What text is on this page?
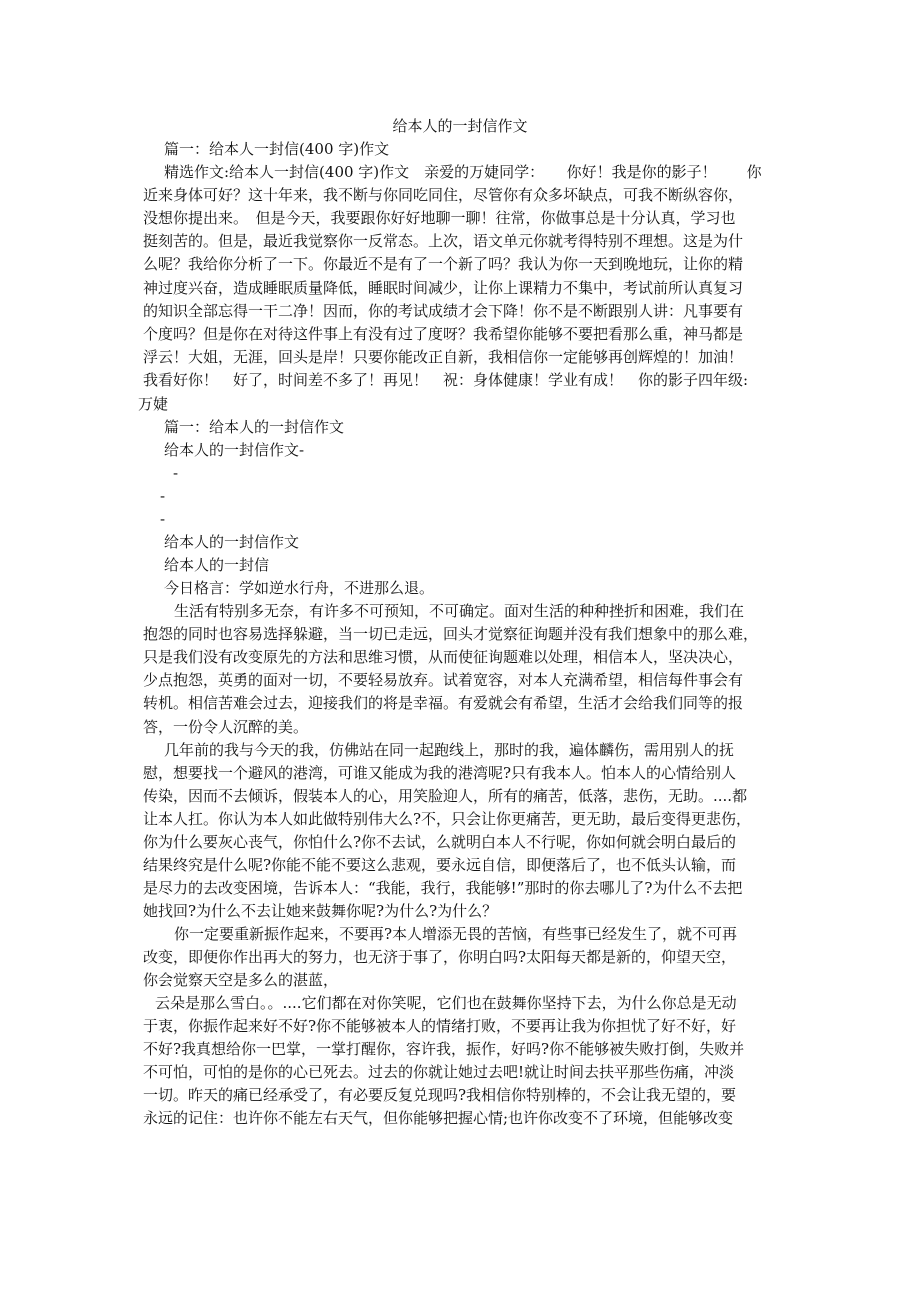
给本人的一封信作文
篇一：给本人一封信(400 字)作文
精选作文:给本人一封信(400 字)作文　亲爱的万婕同学：　　你好！我是你的影子！　　你
近来身体可好？这十年来，我不断与你同吃同住，尽管你有众多坏缺点，可我不断纵容你，
没想你提出来。　但是今天，我要跟你好好地聊一聊！往常，你做事总是十分认真，学习也
挺刻苦的。但是，最近我觉察你一反常态。上次，语文单元你就考得特别不理想。这是为什
么呢？我给你分析了一下。你最近不是有了一个新了吗？我认为你一天到晚地玩，让你的精
神过度兴奋，造成睡眠质量降低，睡眠时间减少，让你上课精力不集中，考试前所认真复习
的知识全部忘得一干二净！因而，你的考试成绩才会下降！你不是不断跟别人讲：凡事要有
个度吗？但是你在对待这件事上有没有过了度呀？我希望你能够不要把看那么重，神马都是
浮云！大姐，无涯，回头是岸！只要你能改正自新，我相信你一定能够再创辉煌的！加油！
我看好你！　好了，时间差不多了！再见！　祝：身体健康！学业有成！　你的影子四年级:
万婕
篇一：给本人的一封信作文
给本人的一封信作文-
-
-
-
给本人的一封信作文
给本人的一封信
今日格言：学如逆水行舟，不进那么退。
生活有特别多无奈，有许多不可预知，不可确定。面对生活的种种挫折和困难，我们在
抱怨的同时也容易选择躲避，当一切已走远，回头才觉察征询题并没有我们想象中的那么难，
只是我们没有改变原先的方法和思维习惯，从而使征询题难以处理，相信本人，坚决决心，
少点抱怨，英勇的面对一切，不要轻易放弃。试着宽容，对本人充满希望，相信每件事会有
转机。相信苦难会过去，迎接我们的将是幸福。有爱就会有希望，生活才会给我们同等的报
答，一份令人沉醉的美。
几年前的我与今天的我，仿佛站在同一起跑线上，那时的我，遍体麟伤，需用别人的抚
慰，想要找一个避风的港湾，可谁又能成为我的港湾呢?只有我本人。怕本人的心情给别人
传染，因而不去倾诉，假装本人的心，用笑脸迎人，所有的痛苦，低落，悲伤，无助。....都
让本人扛。你认为本人如此做特别伟大么?不，只会让你更痛苦，更无助，最后变得更悲伤，
你为什么要灰心丧气，你怕什么?你不去试，么就明白本人不行呢，你如何就会明白最后的
结果终究是什么呢?你能不能不要这么悲观，要永远自信，即便落后了，也不低头认输，而
是尽力的去改变困境，告诉本人：“我能，我行，我能够!”那时的你去哪儿了?为什么不去把
她找回?为什么不去让她来鼓舞你呢?为什么?为什么？
你一定要重新振作起来，不要再?本人增添无畏的苦恼，有些事已经发生了，就不可再
改变，即便你作出再大的努力，也无济于事了，你明白吗?太阳每天都是新的，仰望天空，
你会觉察天空是多么的湛蓝，
云朵是那么雪白。。....它们都在对你笑呢，它们也在鼓舞你坚持下去，为什么你总是无动
于衷，你振作起来好不好?你不能够被本人的情绪打败，不要再让我为你担忧了好不好，好
不好?我真想给你一巴掌，一掌打醒你，容许我，振作，好吗?你不能够被失败打倒，失败并
不可怕，可怕的是你的心已死去。过去的你就让她过去吧!就让时间去扶平那些伤痛，冲淡
一切。昨天的痛已经承受了，有必要反复兑现吗?我相信你特别棒的，不会让我无望的，要
永远的记住：也许你不能左右天气，但你能够把握心情;也许你改变不了环境，但能够改变
